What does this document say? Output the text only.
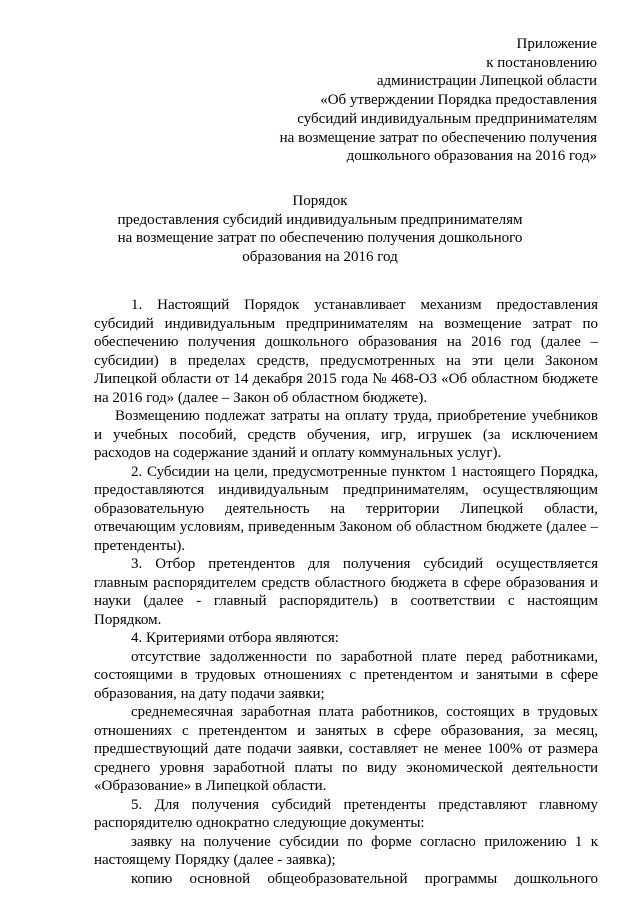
Приложение
к постановлению
администрации Липецкой области
«Об утверждении Порядка предоставления
субсидий индивидуальным предпринимателям
на возмещение затрат по обеспечению получения
дошкольного образования на 2016 год»
Порядок
предоставления субсидий индивидуальным предпринимателям
на возмещение затрат по обеспечению получения дошкольного
образования на 2016 год

1. Настоящий Порядок устанавливает механизм предоставления субсидий индивидуальным предпринимателям на возмещение затрат по обеспечению получения дошкольного образования на 2016 год (далее – субсидии) в пределах средств, предусмотренных на эти цели Законом Липецкой области от 14 декабря 2015 года № 468-ОЗ «Об областном бюджете на 2016 год» (далее – Закон об областном бюджете).

Возмещению подлежат затраты на оплату труда, приобретение учебников и учебных пособий, средств обучения, игр, игрушек (за исключением расходов на содержание зданий и оплату коммунальных услуг).

2. Субсидии на цели, предусмотренные пунктом 1 настоящего Порядка, предоставляются индивидуальным предпринимателям, осуществляющим образовательную деятельность на территории Липецкой области, отвечающим условиям, приведенным Законом об областном бюджете (далее – претенденты).

3. Отбор претендентов для получения субсидий осуществляется главным распорядителем средств областного бюджета в сфере образования и науки (далее - главный распорядитель) в соответствии с настоящим Порядком.

4. Критериями отбора являются:

отсутствие задолженности по заработной плате перед работниками, состоящими в трудовых отношениях с претендентом и занятыми в сфере образования, на дату подачи заявки;

среднемесячная заработная плата работников, состоящих в трудовых отношениях с претендентом и занятых в сфере образования, за месяц, предшествующий дате подачи заявки, составляет не менее 100% от размера среднего уровня заработной платы по виду экономической деятельности «Образование» в Липецкой области.

5. Для получения субсидий претенденты представляют главному распорядителю однократно следующие документы:

заявку на получение субсидии по форме согласно приложению 1 к настоящему Порядку (далее - заявка);

копию основной общеобразовательной программы дошкольного
